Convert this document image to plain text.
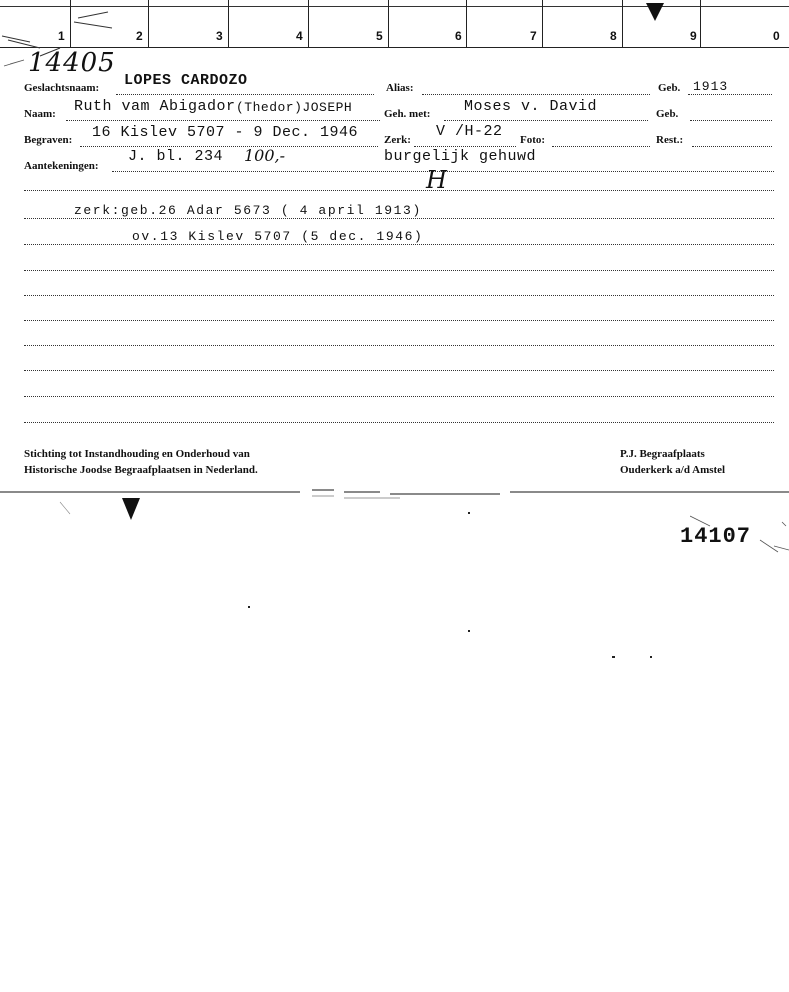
1	2	3	4	5	6	7	8	9	0
14405
Geslachtsnaam: LOPES CARDOZO	Alias:	Geb. 1913
Naam: Ruth vam Abigador (Thedor)JOSEPH	Geh. met: Moses v. David	Geb.
Begraven: 16 Kislev 5707 - 9 Dec. 1946 Zerk: V /H-22 Foto:	Rest.:
Aantekeningen:
J. bl. 234 100,-	burgelijk gehuwd
H
zerk:geb.26 Adar 5673 ( 4 april 1913)
ov.13 Kislev 5707 (5 dec. 1946)
Stichting tot Instandhouding en Onderhoud van
Historische Joodse Begraafplaatsen in Nederland.
P.J. Begraafplaats
Ouderkerk a/d Amstel
14107
